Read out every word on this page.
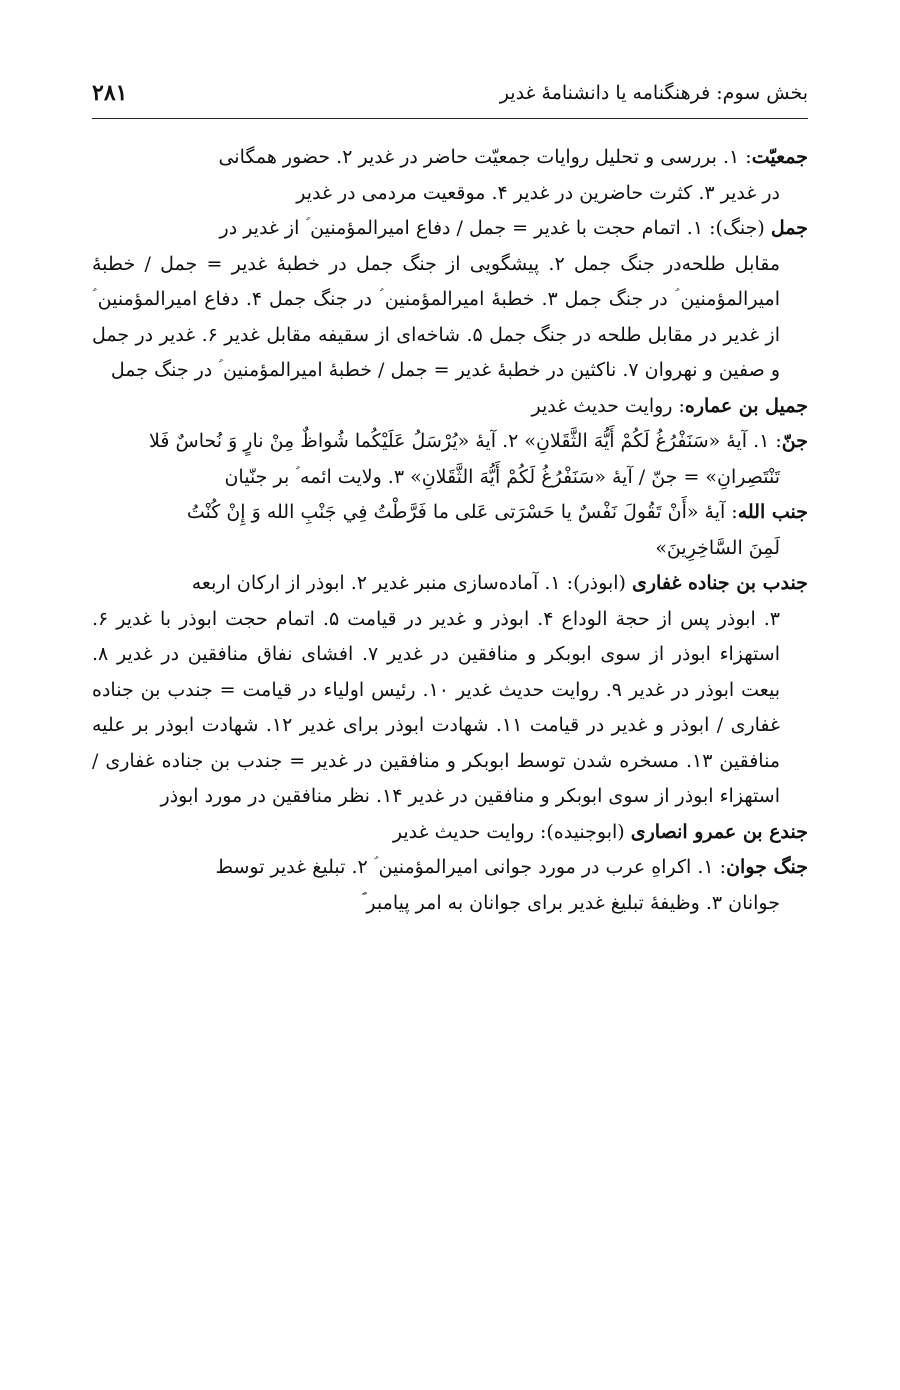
بخش سوم: فرهنگنامه یا دانشنامۀ غدیر
۲۸۱

جمعیّت: ۱. بررسی و تحلیل روایات جمعیّت حاضر در غدیر ۲. حضور همگانی
در غدیر ۳. کثرت حاضرین در غدیر ۴. موقعیت مردمی در غدیر

جمل (جنگ): ۱. اتمام حجت با غدیر = جمل / دفاع امیرالمؤمنین ؑ از غدیر در
مقابل طلحه‌در جنگ جمل ۲. پیشگویی از جنگ جمل در خطبۀ غدیر = جمل / خطبۀ امیرالمؤمنین ؑ در جنگ جمل ۳. خطبۀ امیرالمؤمنین ؑ در جنگ جمل ۴. دفاع امیرالمؤمنین ؑ از غدیر در مقابل طلحه در جنگ جمل ۵. شاخه‌ای از سقیفه مقابل غدیر ۶. غدیر در جمل و صفین و نهروان ۷. ناکثین در خطبۀ غدیر = جمل / خطبۀ امیرالمؤمنین ؑ در جنگ جمل

جمیل بن عماره: روایت حدیث غدیر

جنّ: ۱. آیۀ «سَنَفْرُغُ لَكُمْ أَيُّهَ الثَّقَلانِ» ۲. آیۀ «يُرْسَلُ عَلَيْكُما شُواظٌ مِنْ نارٍ وَ نُحاسٌ فَلا
تَنْتَصِرانِ» = جنّ / آیۀ «سَنَفْرُغُ لَكُمْ أَيُّهَ الثَّقَلانِ» ۳. ولایت ائمه ؑ بر جنّیان

جنب الله: آیۀ «أَنْ تَقُولَ نَفْسٌ يا حَسْرَتى عَلى ما فَرَّطْتُ فِي جَنْبِ الله وَ إِنْ كُنْتُ
لَمِنَ السَّاخِرِينَ»

جندب بن جناده غفاری (ابوذر): ۱. آماده‌سازی منبر غدیر ۲. ابوذر از ارکان اربعه
۳. ابوذر پس از حجة الوداع ۴. ابوذر و غدیر در قیامت ۵. اتمام حجت ابوذر با غدیر ۶. استهزاء ابوذر از سوی ابوبکر و منافقین در غدیر ۷. افشای نفاق منافقین در غدیر ۸. بیعت ابوذر در غدیر ۹. روایت حدیث غدیر ۱۰. رئیس اولیاء در قیامت = جندب بن جناده غفاری / ابوذر و غدیر در قیامت ۱۱. شهادت ابوذر برای غدیر ۱۲. شهادت ابوذر بر علیه منافقین ۱۳. مسخره شدن توسط ابوبکر و منافقین در غدیر = جندب بن جناده غفاری /استهزاء ابوذر از سوی ابوبکر و منافقین در غدیر ۱۴. نظر منافقین در مورد ابوذر

جندع بن عمرو انصاری (ابوجنیده): روایت حدیث غدیر

جنگ جوان: ۱. اکراهِ عرب در مورد جوانی امیرالمؤمنین ؑ ۲. تبلیغ غدیر توسط
جوانان ۳. وظیفۀ تبلیغ غدیر برای جوانان به امر پیامبر ؐ
